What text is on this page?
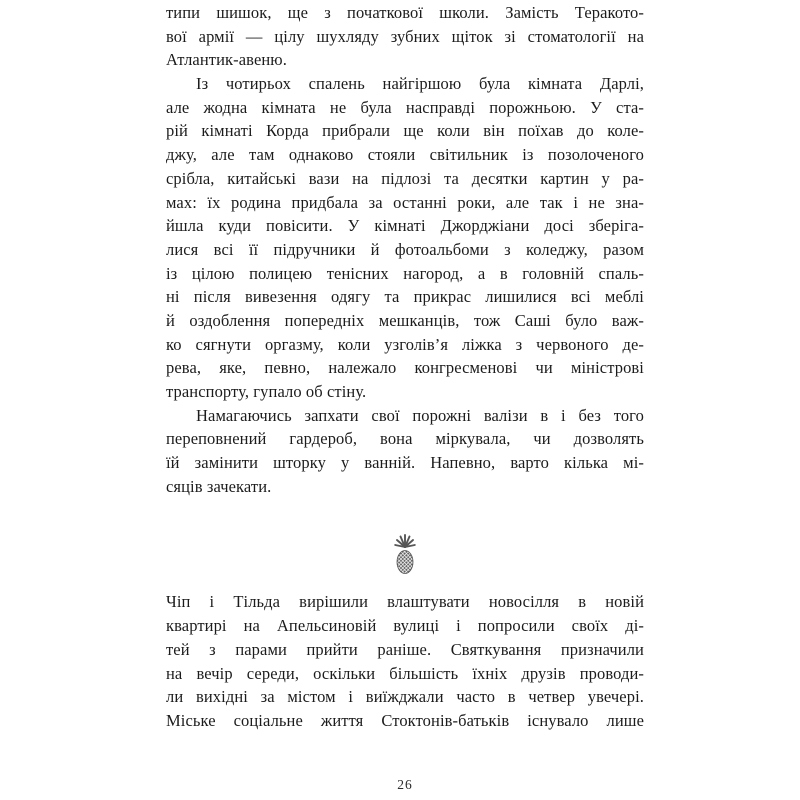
типи шишок, ще з початкової школи. Замість Теракото-
вої армії — цілу шухляду зубних щіток зі стоматології на
Атлантик-авеню.
Із чотирьох спалень найгіршою була кімната Дарлі,
але жодна кімната не була насправді порожньою. У ста-
рій кімнаті Корда прибрали ще коли він поїхав до коле-
джу, але там однаково стояли світильник із позолоченого
срібла, китайські вази на підлозі та десятки картин у ра-
мах: їх родина придбала за останні роки, але так і не зна-
йшла куди повісити. У кімнаті Джорджіани досі зберіга-
лися всі її підручники й фотоальбоми з коледжу, разом
із цілою полицею тенісних нагород, а в головній спаль-
ні після вивезення одягу та прикрас лишилися всі меблі
й оздоблення попередніх мешканців, тож Саші було важ-
ко сягнути оргазму, коли узголів’я ліжка з червоного де-
рева, яке, певно, належало конгресменові чи міністрові
транспорту, гупало об стіну.
Намагаючись запхати свої порожні валізи в і без того
переповнений гардероб, вона міркувала, чи дозволять
їй замінити шторку у ванній. Напевно, варто кілька мі-
сяців зачекати.
Чіп і Тільда вирішили влаштувати новосілля в новій
квартирі на Апельсиновій вулиці і попросили своїх ді-
тей з парами прийти раніше. Святкування призначили
на вечір середи, оскільки більшість їхніх друзів проводи-
ли вихідні за містом і виїжджали часто в четвер увечері.
Міське соціальне життя Стоктонів-батьків існувало лише
26
